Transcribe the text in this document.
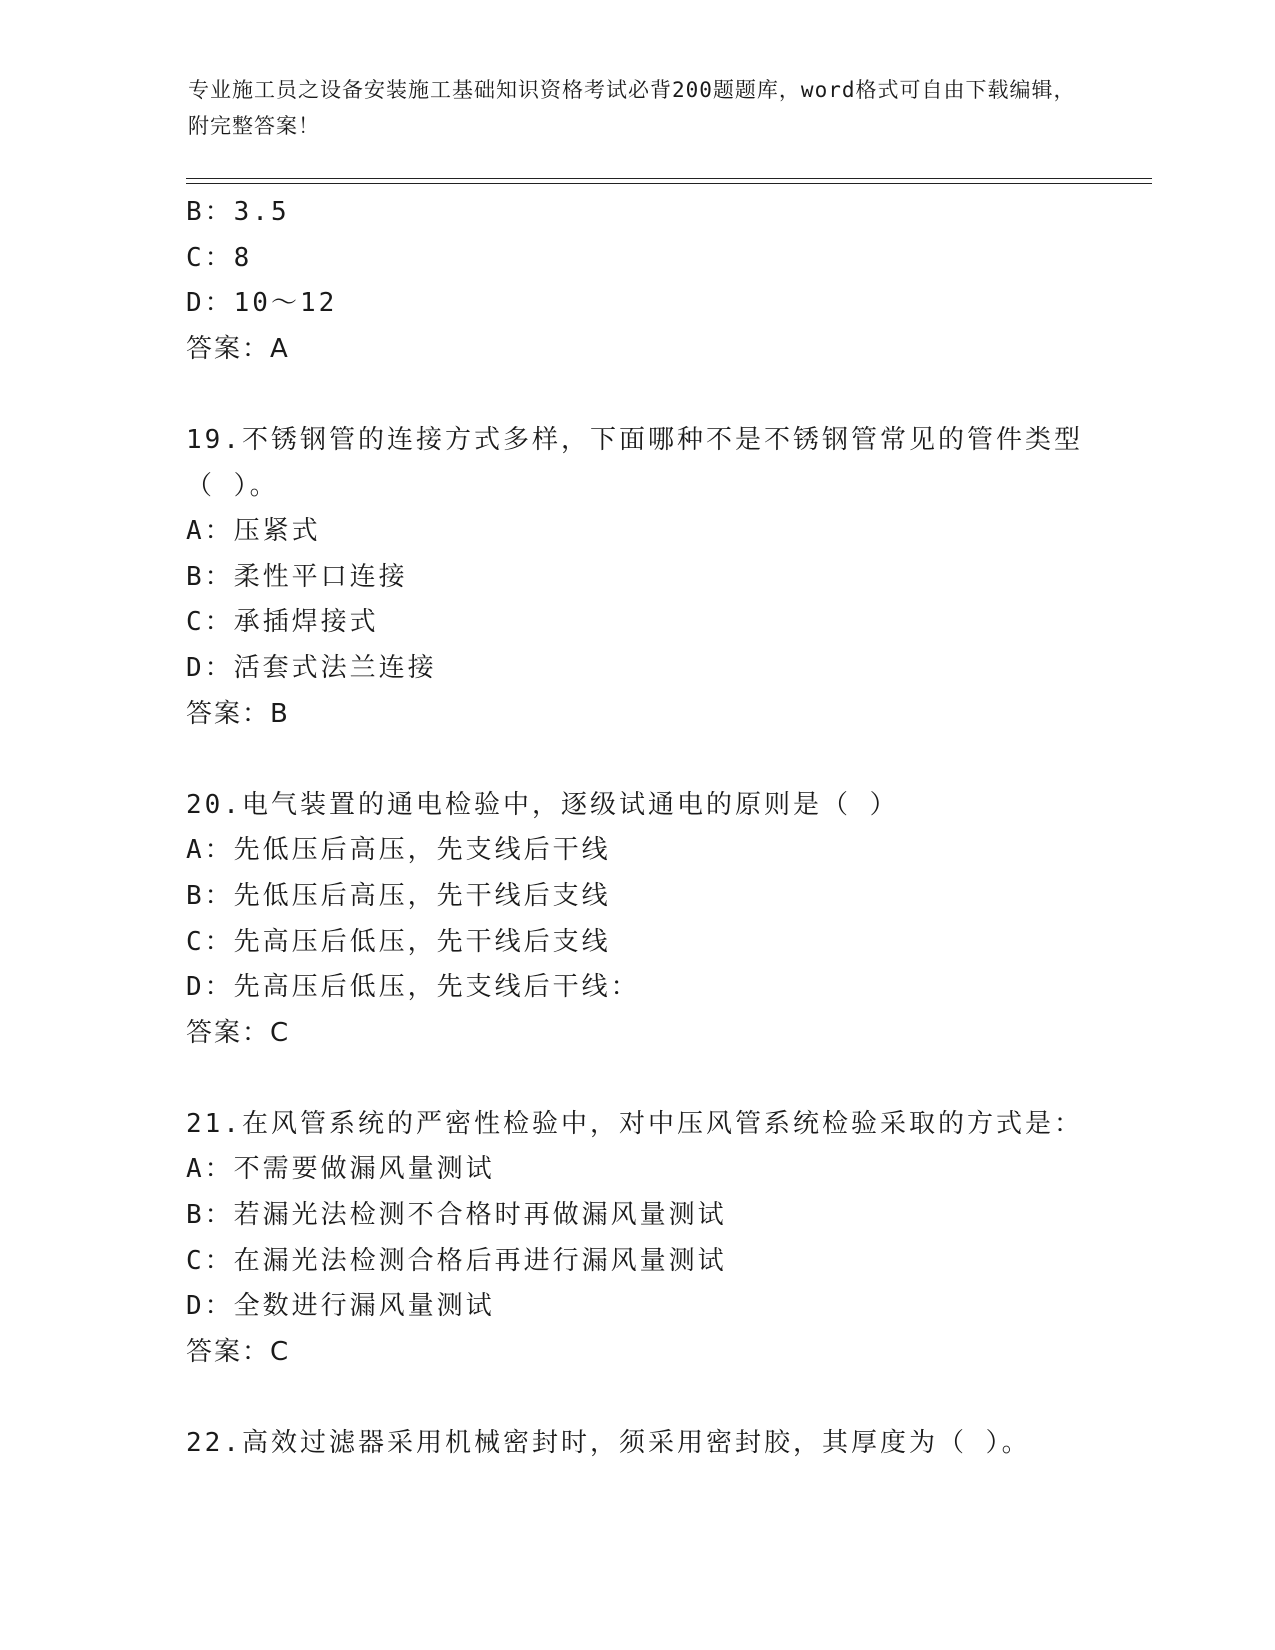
专业施工员之设备安装施工基础知识资格考试必背200题题库，word格式可自由下载编辑，附完整答案！
B：3.5
C：8
D：10～12
答案：A
19.不锈钢管的连接方式多样，下面哪种不是不锈钢管常见的管件类型（ ）。
A：压紧式
B：柔性平口连接
C：承插焊接式
D：活套式法兰连接
答案：B
20.电气装置的通电检验中，逐级试通电的原则是（ ）
A：先低压后高压，先支线后干线
B：先低压后高压，先干线后支线
C：先高压后低压，先干线后支线
D：先高压后低压，先支线后干线：
答案：C
21.在风管系统的严密性检验中，对中压风管系统检验采取的方式是：
A：不需要做漏风量测试
B：若漏光法检测不合格时再做漏风量测试
C：在漏光法检测合格后再进行漏风量测试
D：全数进行漏风量测试
答案：C
22.高效过滤器采用机械密封时，须采用密封胶，其厚度为（ ）。
